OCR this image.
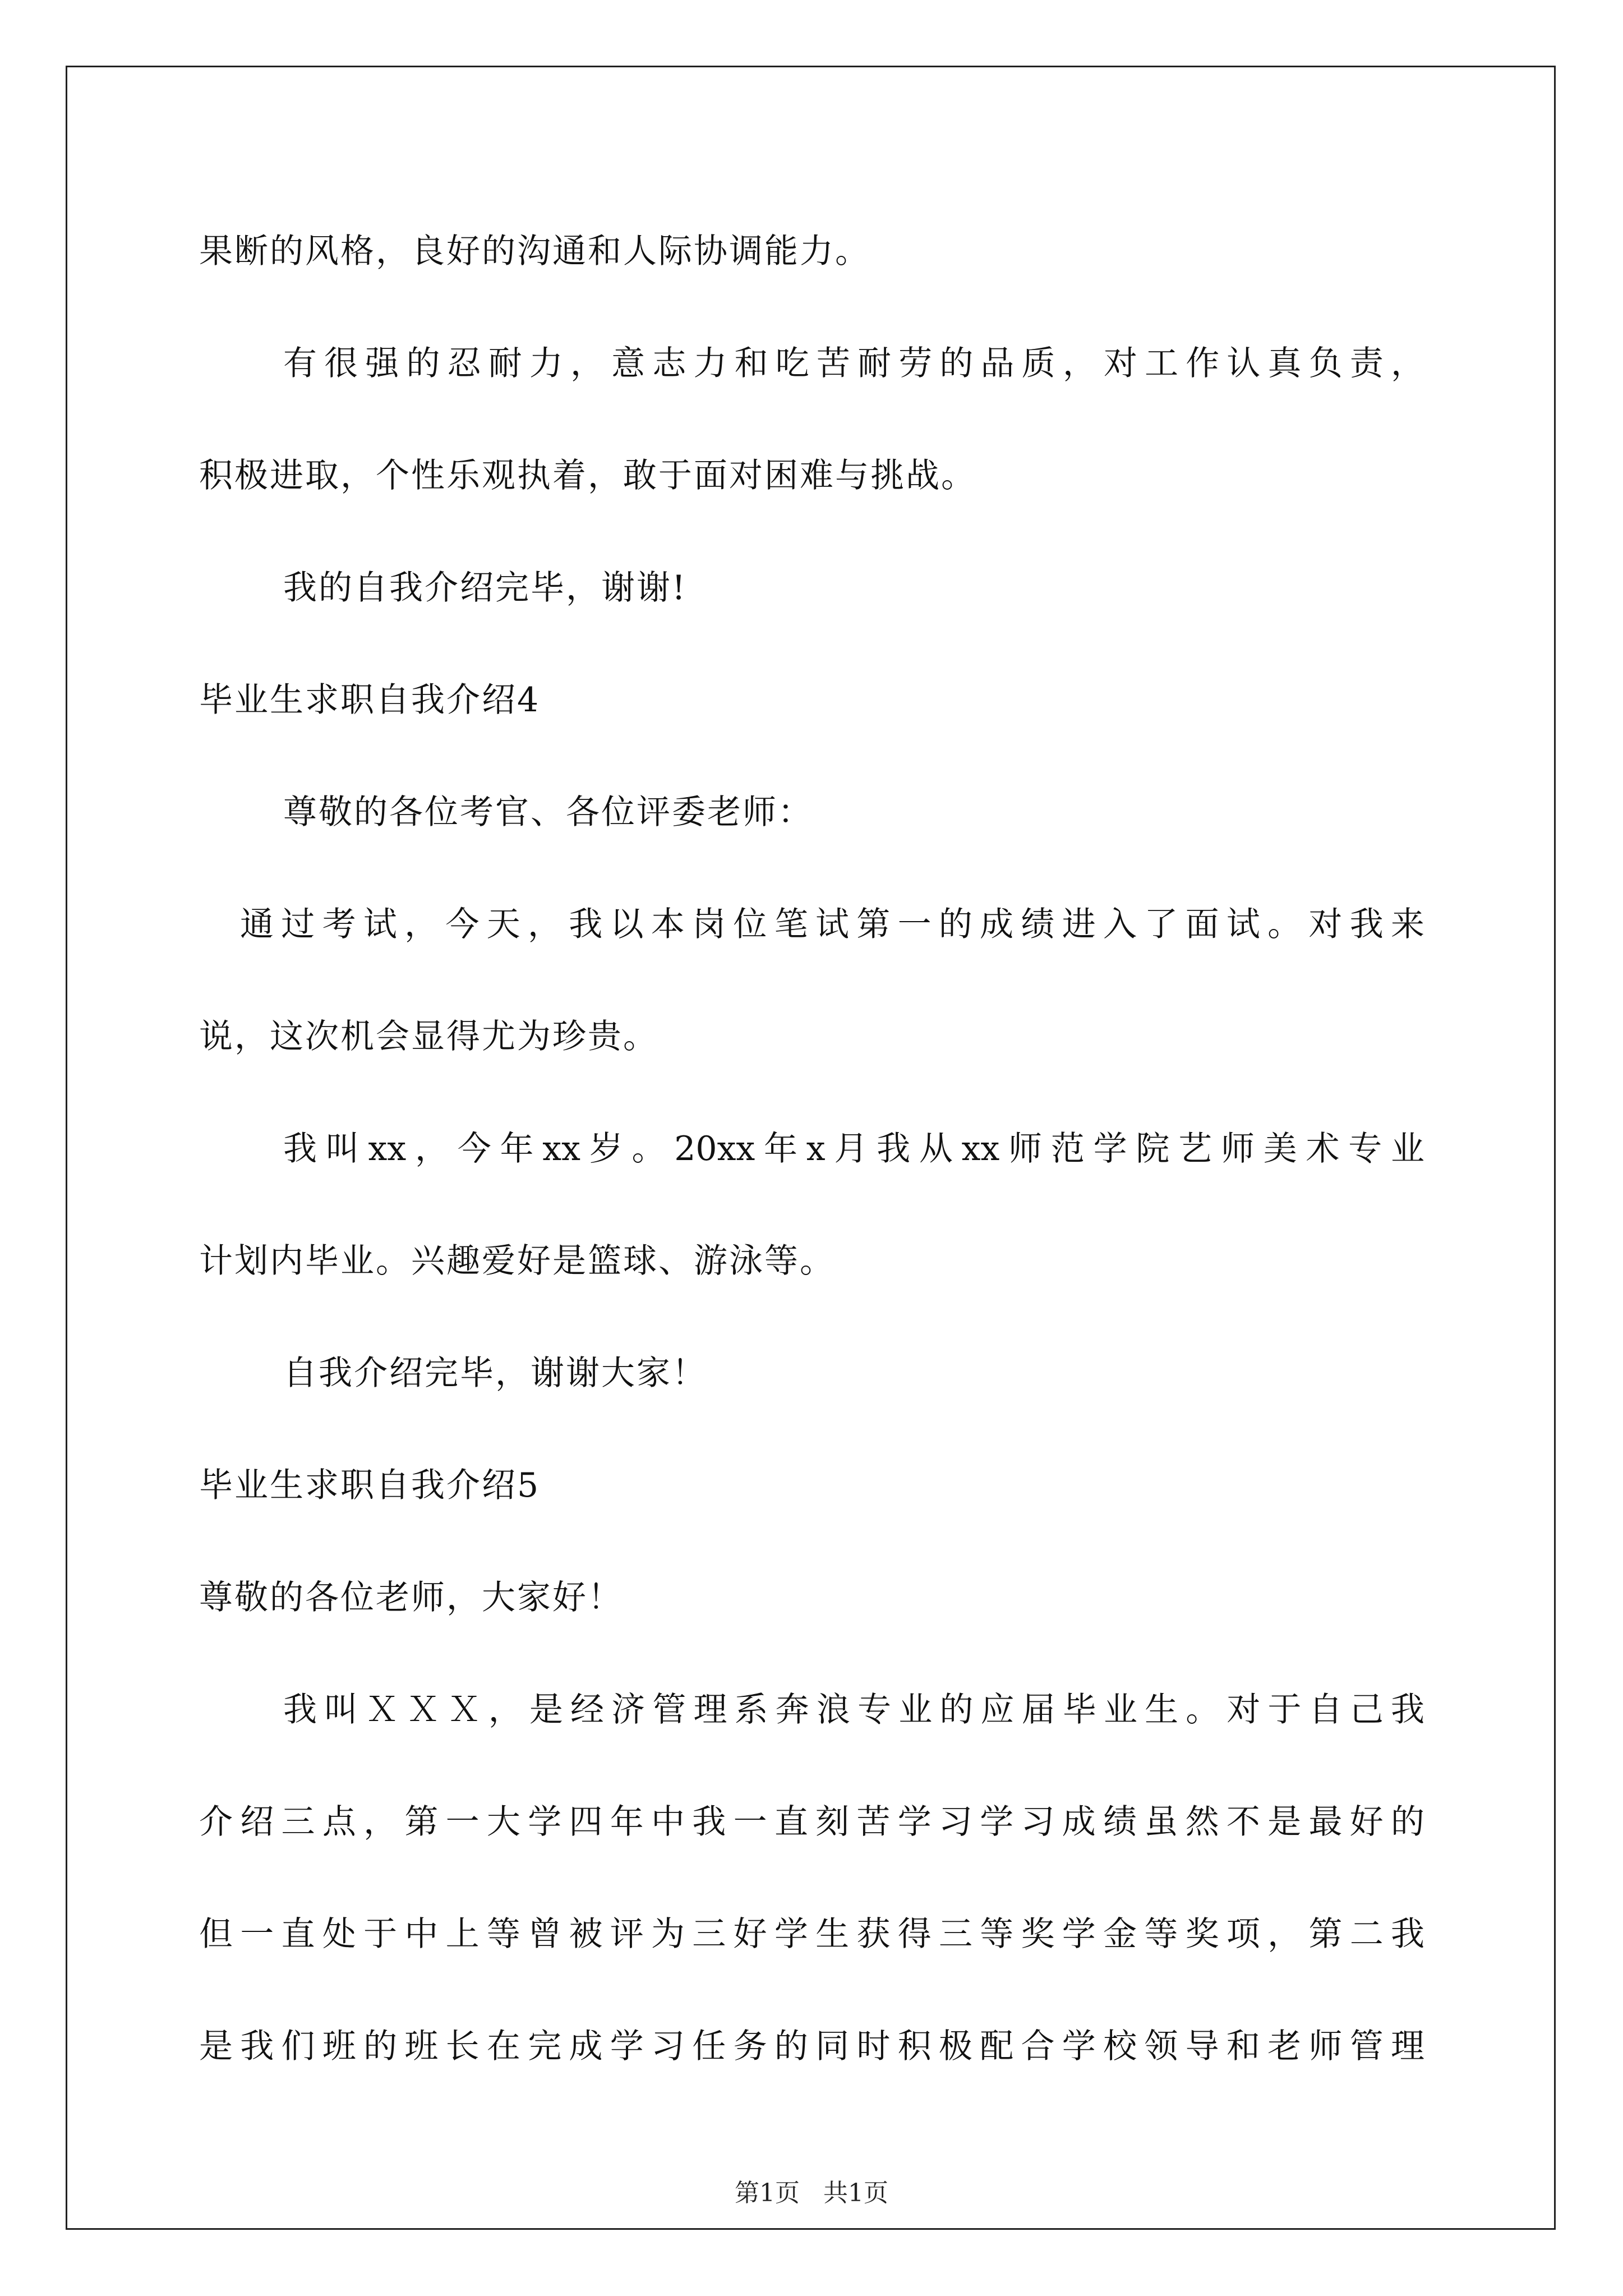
果断的风格，良好的沟通和人际协调能力。
有很强的忍耐力，意志力和吃苦耐劳的品质，对工作认真负责，
积极进取，个性乐观执着，敢于面对困难与挑战。
我的自我介绍完毕，谢谢!
毕业生求职自我介绍4
尊敬的各位考官、各位评委老师：
通过考试，今天，我以本岗位笔试第一的成绩进入了面试。对我来
说，这次机会显得尤为珍贵。
我叫xx，今年xx岁。20xx年x月我从xx师范学院艺师美术专业
计划内毕业。兴趣爱好是篮球、游泳等。
自我介绍完毕，谢谢大家！
毕业生求职自我介绍5
尊敬的各位老师，大家好！
我叫ＸＸＸ，是经济管理系奔浪专业的应届毕业生。对于自己我
介绍三点，第一大学四年中我一直刻苦学习学习成绩虽然不是最好的
但一直处于中上等曾被评为三好学生获得三等奖学金等奖项，第二我
是我们班的班长在完成学习任务的同时积极配合学校领导和老师管理
第1页   共1页
